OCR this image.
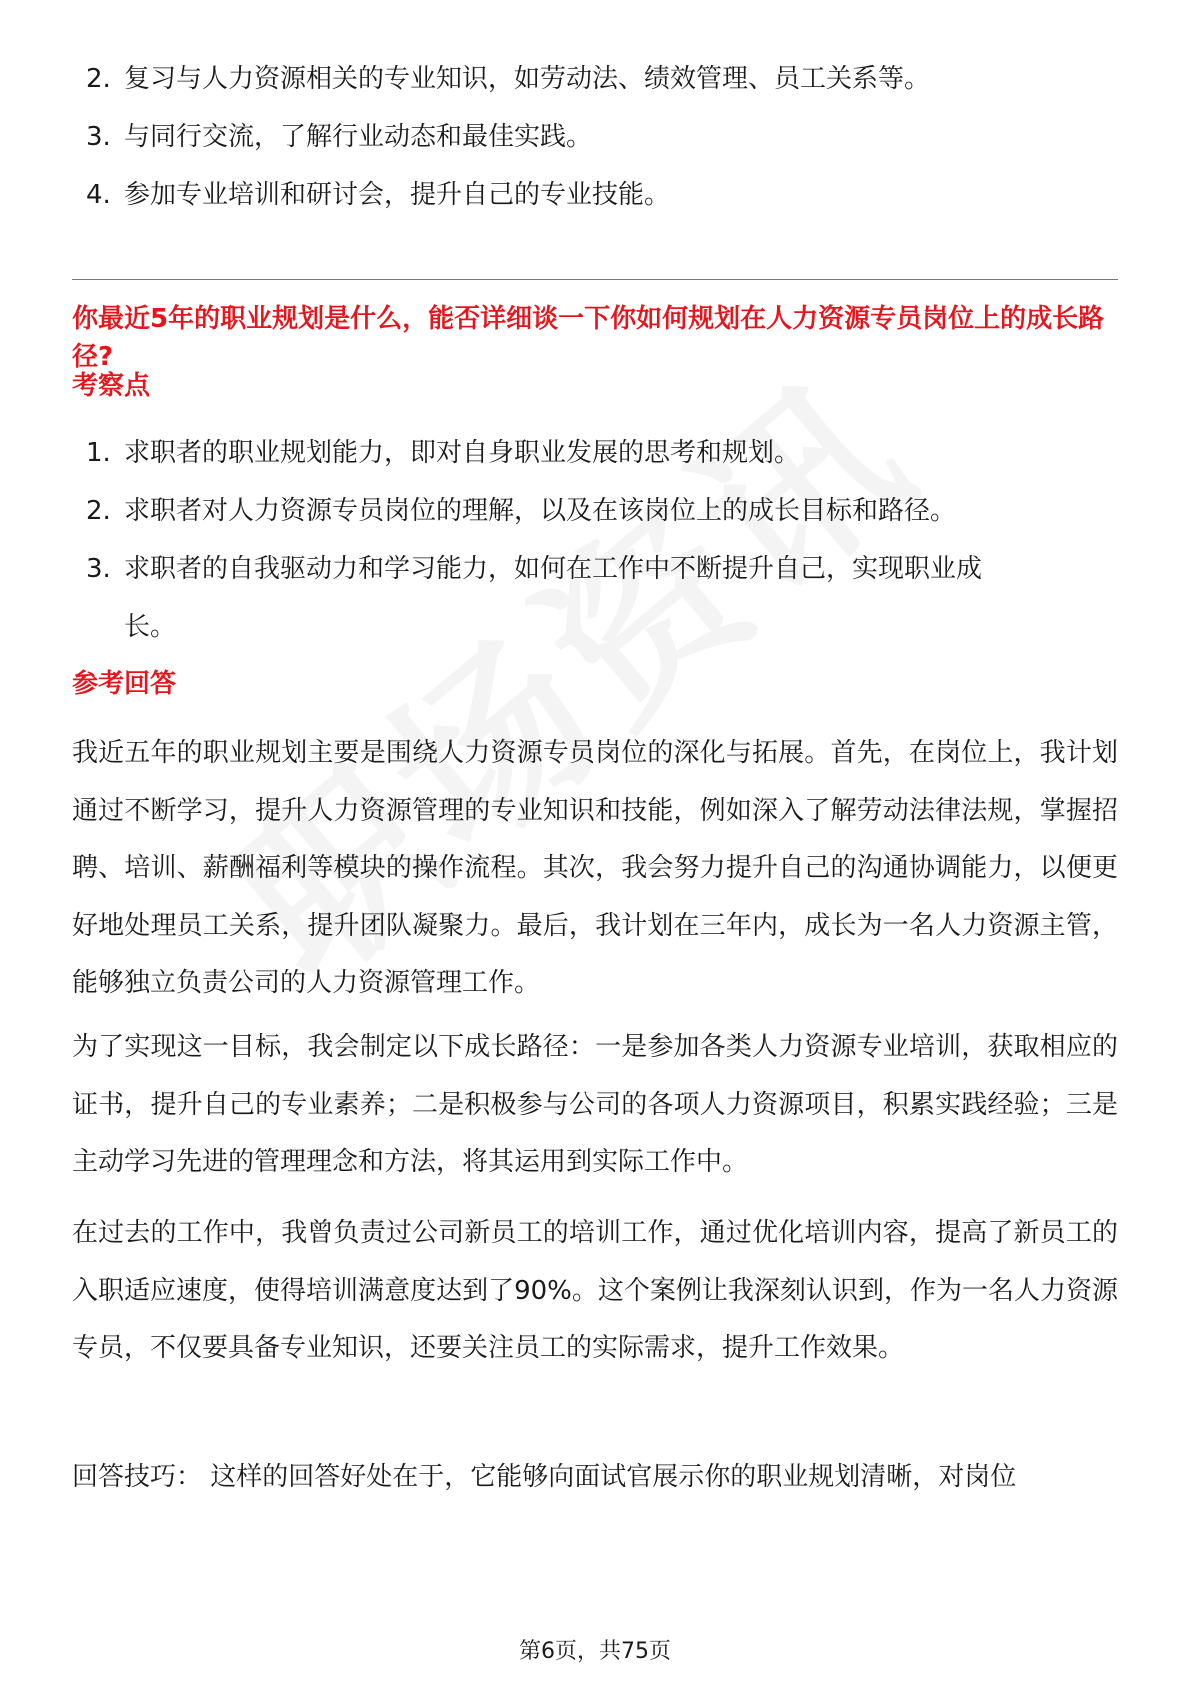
2. 复习与人力资源相关的专业知识，如劳动法、绩效管理、员工关系等。
3. 与同行交流，了解行业动态和最佳实践。
4. 参加专业培训和研讨会，提升自己的专业技能。
你最近5年的职业规划是什么，能否详细谈一下你如何规划在人力资源专员岗位上的成长路径?
考察点
1. 求职者的职业规划能力，即对自身职业发展的思考和规划。
2. 求职者对人力资源专员岗位的理解，以及在该岗位上的成长目标和路径。
3. 求职者的自我驱动力和学习能力，如何在工作中不断提升自己，实现职业成长。
参考回答
我近五年的职业规划主要是围绕人力资源专员岗位的深化与拓展。首先，在岗位上，我计划通过不断学习，提升人力资源管理的专业知识和技能，例如深入了解劳动法律法规，掌握招聘、培训、薪酬福利等模块的操作流程。其次，我会努力提升自己的沟通协调能力，以便更好地处理员工关系，提升团队凝聚力。最后，我计划在三年内，成长为一名人力资源主管，能够独立负责公司的人力资源管理工作。
为了实现这一目标，我会制定以下成长路径：一是参加各类人力资源专业培训，获取相应的证书，提升自己的专业素养；二是积极参与公司的各项人力资源项目，积累实践经验；三是主动学习先进的管理理念和方法，将其运用到实际工作中。
在过去的工作中，我曾负责过公司新员工的培训工作，通过优化培训内容，提高了新员工的入职适应速度，使得培训满意度达到了90%。这个案例让我深刻认识到，作为一名人力资源专员，不仅要具备专业知识，还要关注员工的实际需求，提升工作效果。
回答技巧： 这样的回答好处在于，它能够向面试官展示你的职业规划清晰，对岗位
第6页，共75页
